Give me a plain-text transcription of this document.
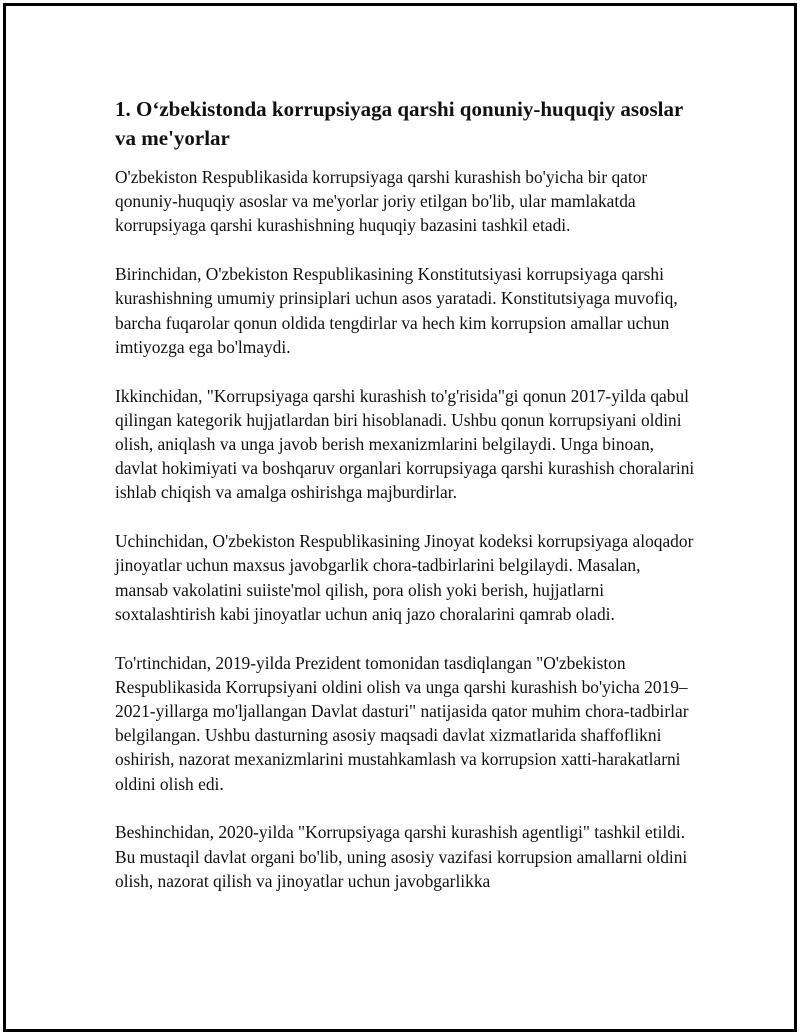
1. O‘zbekistonda korrupsiyaga qarshi qonuniy-huquqiy asoslar va me'yorlar

O'zbekiston Respublikasida korrupsiyaga qarshi kurashish bo'yicha bir qator qonuniy-huquqiy asoslar va me'yorlar joriy etilgan bo'lib, ular mamlakatda korrupsiyaga qarshi kurashishning huquqiy bazasini tashkil etadi.

Birinchidan, O'zbekiston Respublikasining Konstitutsiyasi korrupsiyaga qarshi kurashishning umumiy prinsiplari uchun asos yaratadi. Konstitutsiyaga muvofiq, barcha fuqarolar qonun oldida tengdirlar va hech kim korrupsion amallar uchun imtiyozga ega bo'lmaydi.

Ikkinchidan, "Korrupsiyaga qarshi kurashish to'g'risida"gi qonun 2017-yilda qabul qilingan kategorik hujjatlardan biri hisoblanadi. Ushbu qonun korrupsiyani oldini olish, aniqlash va unga javob berish mexanizmlarini belgilaydi. Unga binoan, davlat hokimiyati va boshqaruv organlari korrupsiyaga qarshi kurashish choralarini ishlab chiqish va amalga oshirishga majburdirlar.

Uchinchidan, O'zbekiston Respublikasining Jinoyat kodeksi korrupsiyaga aloqador jinoyatlar uchun maxsus javobgarlik chora-tadbirlarini belgilaydi. Masalan, mansab vakolatini suiiste'mol qilish, pora olish yoki berish, hujjatlarni soxtalashtirish kabi jinoyatlar uchun aniq jazo choralarini qamrab oladi.

To'rtinchidan, 2019-yilda Prezident tomonidan tasdiqlangan "O'zbekiston Respublikasida Korrupsiyani oldini olish va unga qarshi kurashish bo'yicha 2019–2021-yillarga mo'ljallangan Davlat dasturi" natijasida qator muhim chora-tadbirlar belgilangan. Ushbu dasturning asosiy maqsadi davlat xizmatlarida shaffoflikni oshirish, nazorat mexanizmlarini mustahkamlash va korrupsion xatti-harakatlarni oldini olish edi.

Beshinchidan, 2020-yilda "Korrupsiyaga qarshi kurashish agentligi" tashkil etildi. Bu mustaqil davlat organi bo'lib, uning asosiy vazifasi korrupsion amallarni oldini olish, nazorat qilish va jinoyatlar uchun javobgarlikka
